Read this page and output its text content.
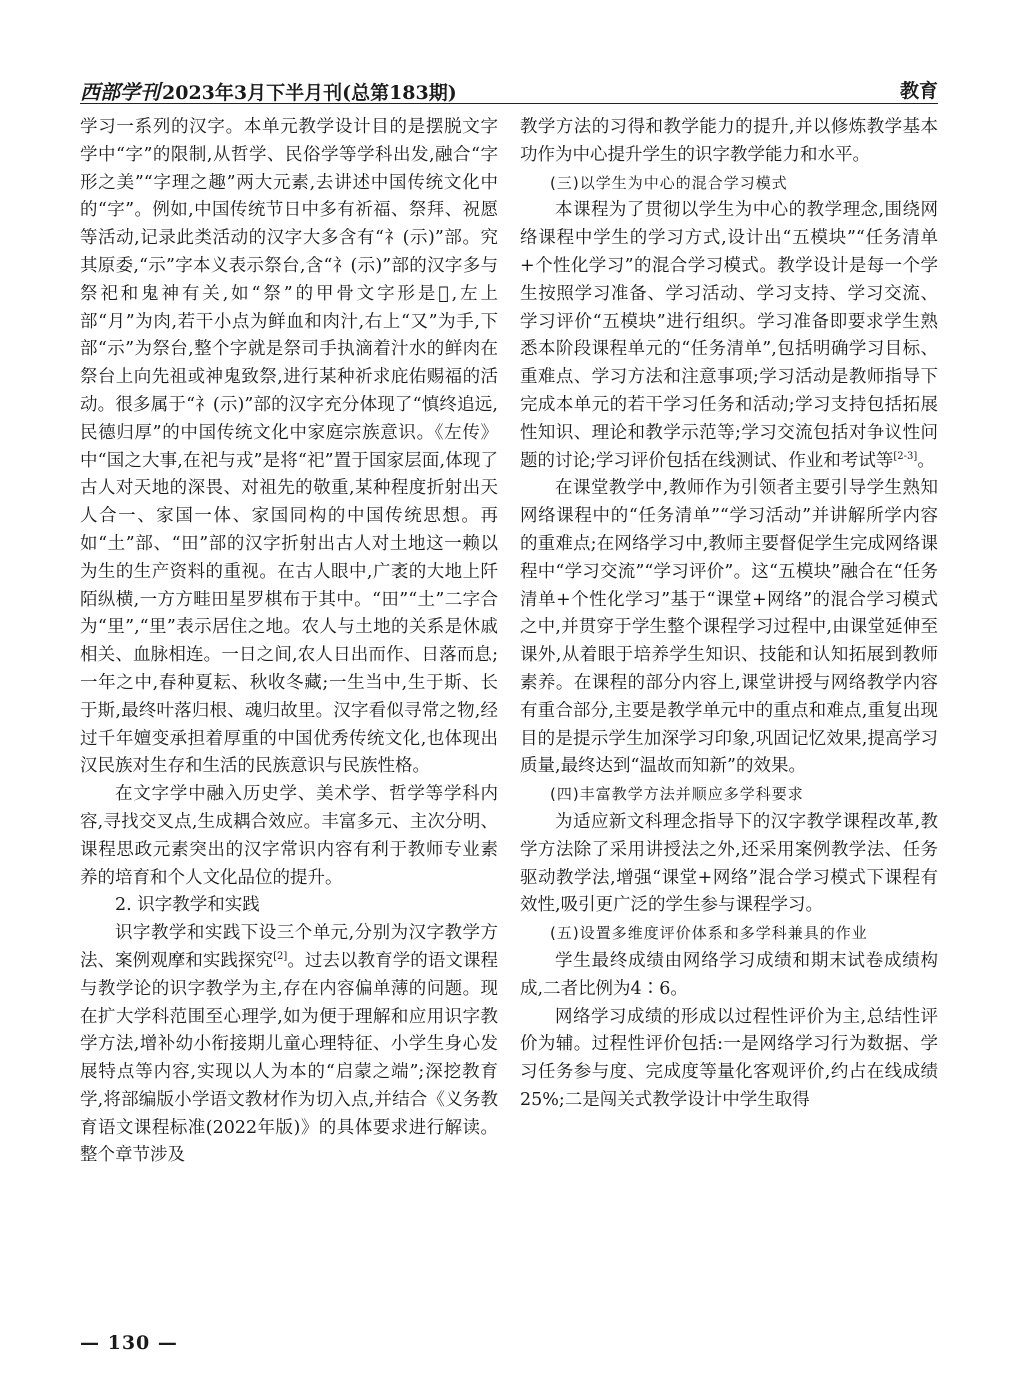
西部学刊 2023年3月下半月刊(总第183期)	教育

学习一系列的汉字。本单元教学设计目的是摆脱文字学中“字”的限制,从哲学、民俗学等学科出发,融合“字形之美”“字理之趣”两大元素,去讲述中国传统文化中的“字”。例如,中国传统节日中多有祈福、祭拜、祝愿等活动,记录此类活动的汉字大多含有“礻(示)”部。究其原委,“示”字本义表示祭台,含“礻(示)”部的汉字多与祭祀和鬼神有关,如“祭”的甲骨文字形是𥛒,左上部“月”为肉,若干小点为鲜血和肉汁,右上“又”为手,下部“示”为祭台,整个字就是祭司手执滴着汁水的鲜肉在祭台上向先祖或神鬼致祭,进行某种祈求庇佑赐福的活动。很多属于“礻(示)”部的汉字充分体现了“慎终追远,民德归厚”的中国传统文化中家庭宗族意识。《左传》中“国之大事,在祀与戎”是将“祀”置于国家层面,体现了古人对天地的深畏、对祖先的敬重,某种程度折射出天人合一、家国一体、家国同构的中国传统思想。再如“土”部、“田”部的汉字折射出古人对土地这一赖以为生的生产资料的重视。在古人眼中,广袤的大地上阡陌纵横,一方方畦田星罗棋布于其中。“田”“土”二字合为“里”,“里”表示居住之地。农人与土地的关系是休戚相关、血脉相连。一日之间,农人日出而作、日落而息;一年之中,春种夏耘、秋收冬藏;一生当中,生于斯、长于斯,最终叶落归根、魂归故里。汉字看似寻常之物,经过千年嬗变承担着厚重的中国优秀传统文化,也体现出汉民族对生存和生活的民族意识与民族性格。

在文字学中融入历史学、美术学、哲学等学科内容,寻找交叉点,生成耦合效应。丰富多元、主次分明、课程思政元素突出的汉字常识内容有利于教师专业素养的培育和个人文化品位的提升。

2. 识字教学和实践

识字教学和实践下设三个单元,分别为汉字教学方法、案例观摩和实践探究[2]。过去以教育学的语文课程与教学论的识字教学为主,存在内容偏单薄的问题。现在扩大学科范围至心理学,如为便于理解和应用识字教学方法,增补幼小衔接期儿童心理特征、小学生身心发展特点等内容,实现以人为本的“启蒙之端”;深挖教育学,将部编版小学语文教材作为切入点,并结合《义务教育语文课程标准(2022年版)》的具体要求进行解读。整个章节涉及

教学方法的习得和教学能力的提升,并以修炼教学基本功作为中心提升学生的识字教学能力和水平。

(三)以学生为中心的混合学习模式

本课程为了贯彻以学生为中心的教学理念,围绕网络课程中学生的学习方式,设计出“五模块”“任务清单+个性化学习”的混合学习模式。教学设计是每一个学生按照学习准备、学习活动、学习支持、学习交流、学习评价“五模块”进行组织。学习准备即要求学生熟悉本阶段课程单元的“任务清单”,包括明确学习目标、重难点、学习方法和注意事项;学习活动是教师指导下完成本单元的若干学习任务和活动;学习支持包括拓展性知识、理论和教学示范等;学习交流包括对争议性问题的讨论;学习评价包括在线测试、作业和考试等[2-3]。

在课堂教学中,教师作为引领者主要引导学生熟知网络课程中的“任务清单”“学习活动”并讲解所学内容的重难点;在网络学习中,教师主要督促学生完成网络课程中“学习交流”“学习评价”。这“五模块”融合在“任务清单+个性化学习”基于“课堂+网络”的混合学习模式之中,并贯穿于学生整个课程学习过程中,由课堂延伸至课外,从着眼于培养学生知识、技能和认知拓展到教师素养。在课程的部分内容上,课堂讲授与网络教学内容有重合部分,主要是教学单元中的重点和难点,重复出现目的是提示学生加深学习印象,巩固记忆效果,提高学习质量,最终达到“温故而知新”的效果。

(四)丰富教学方法并顺应多学科要求

为适应新文科理念指导下的汉字教学课程改革,教学方法除了采用讲授法之外,还采用案例教学法、任务驱动教学法,增强“课堂+网络”混合学习模式下课程有效性,吸引更广泛的学生参与课程学习。

(五)设置多维度评价体系和多学科兼具的作业

学生最终成绩由网络学习成绩和期末试卷成绩构成,二者比例为4∶6。

网络学习成绩的形成以过程性评价为主,总结性评价为辅。过程性评价包括:一是网络学习行为数据、学习任务参与度、完成度等量化客观评价,约占在线成绩25%;二是闯关式教学设计中学生取得

— 130 —
